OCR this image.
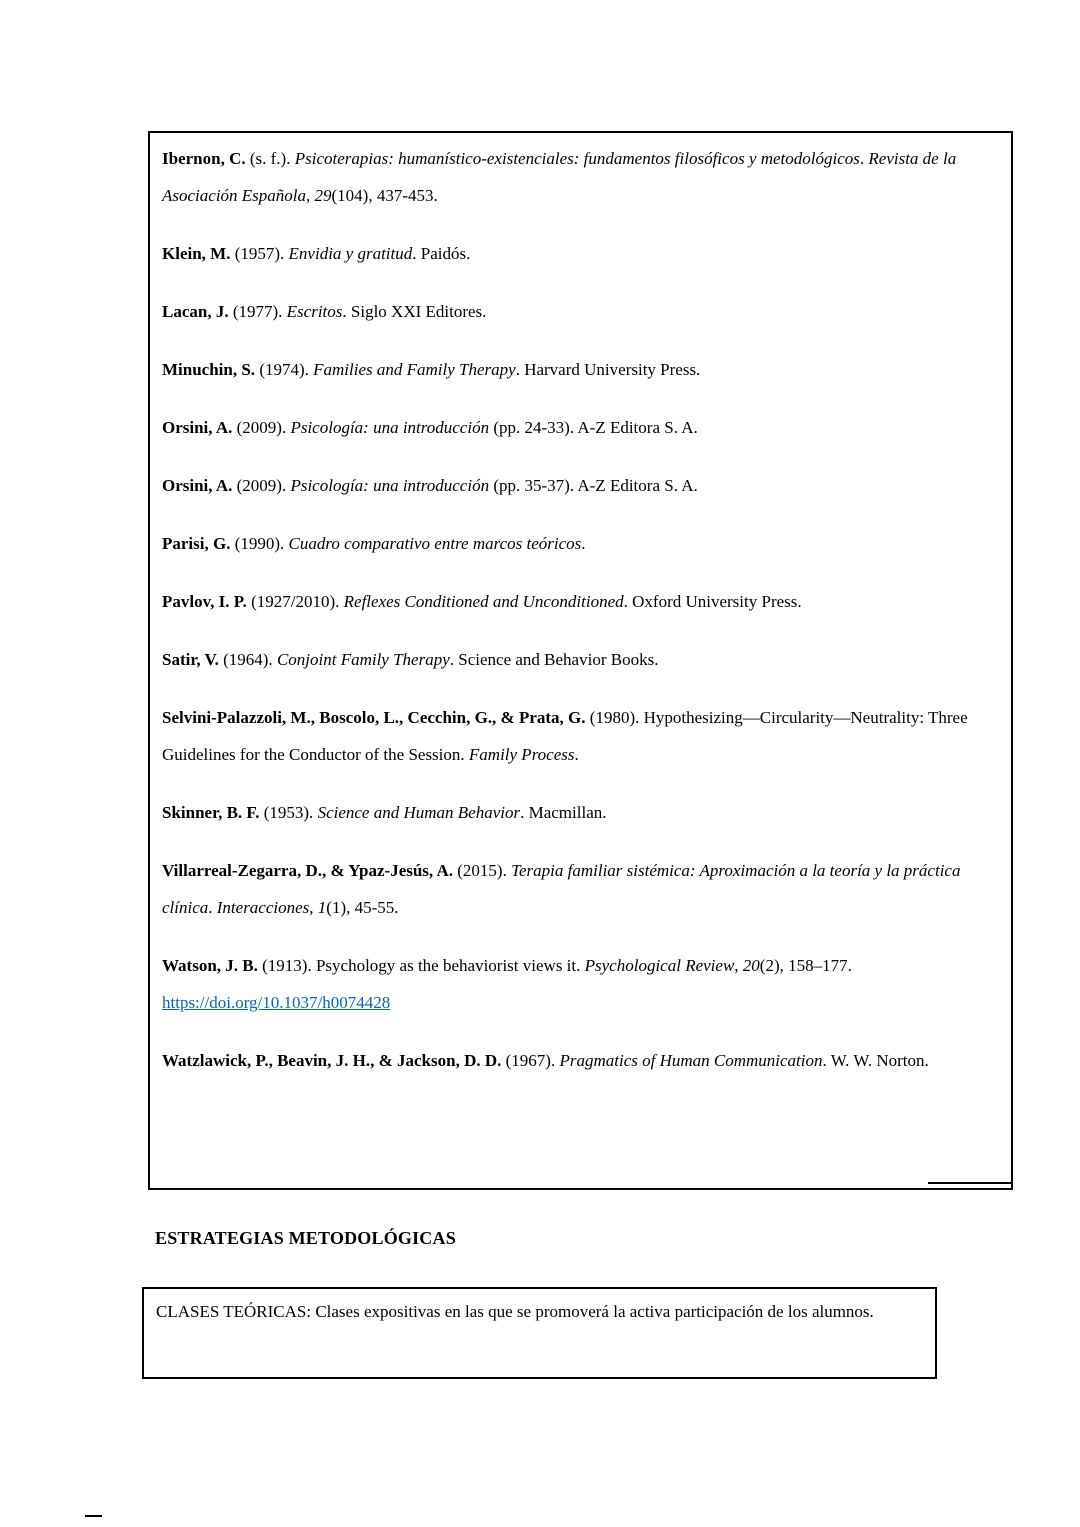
Ibernon, C. (s. f.). Psicoterapias: humanístico-existenciales: fundamentos filosóficos y metodológicos. Revista de la Asociación Española, 29(104), 437-453.

Klein, M. (1957). Envidia y gratitud. Paidós.

Lacan, J. (1977). Escritos. Siglo XXI Editores.

Minuchin, S. (1974). Families and Family Therapy. Harvard University Press.

Orsini, A. (2009). Psicología: una introducción (pp. 24-33). A-Z Editora S. A.

Orsini, A. (2009). Psicología: una introducción (pp. 35-37). A-Z Editora S. A.

Parisi, G. (1990). Cuadro comparativo entre marcos teóricos.

Pavlov, I. P. (1927/2010). Reflexes Conditioned and Unconditioned. Oxford University Press.

Satir, V. (1964). Conjoint Family Therapy. Science and Behavior Books.

Selvini-Palazzoli, M., Boscolo, L., Cecchin, G., & Prata, G. (1980). Hypothesizing—Circularity—Neutrality: Three Guidelines for the Conductor of the Session. Family Process.

Skinner, B. F. (1953). Science and Human Behavior. Macmillan.

Villarreal-Zegarra, D., & Ypaz-Jesús, A. (2015). Terapia familiar sistémica: Aproximación a la teoría y la práctica clínica. Interacciones, 1(1), 45-55.

Watson, J. B. (1913). Psychology as the behaviorist views it. Psychological Review, 20(2), 158–177. https://doi.org/10.1037/h0074428

Watzlawick, P., Beavin, J. H., & Jackson, D. D. (1967). Pragmatics of Human Communication. W. W. Norton.

ESTRATEGIAS METODOLÓGICAS

CLASES TEÓRICAS: Clases expositivas en las que se promoverá la activa participación de los alumnos.
